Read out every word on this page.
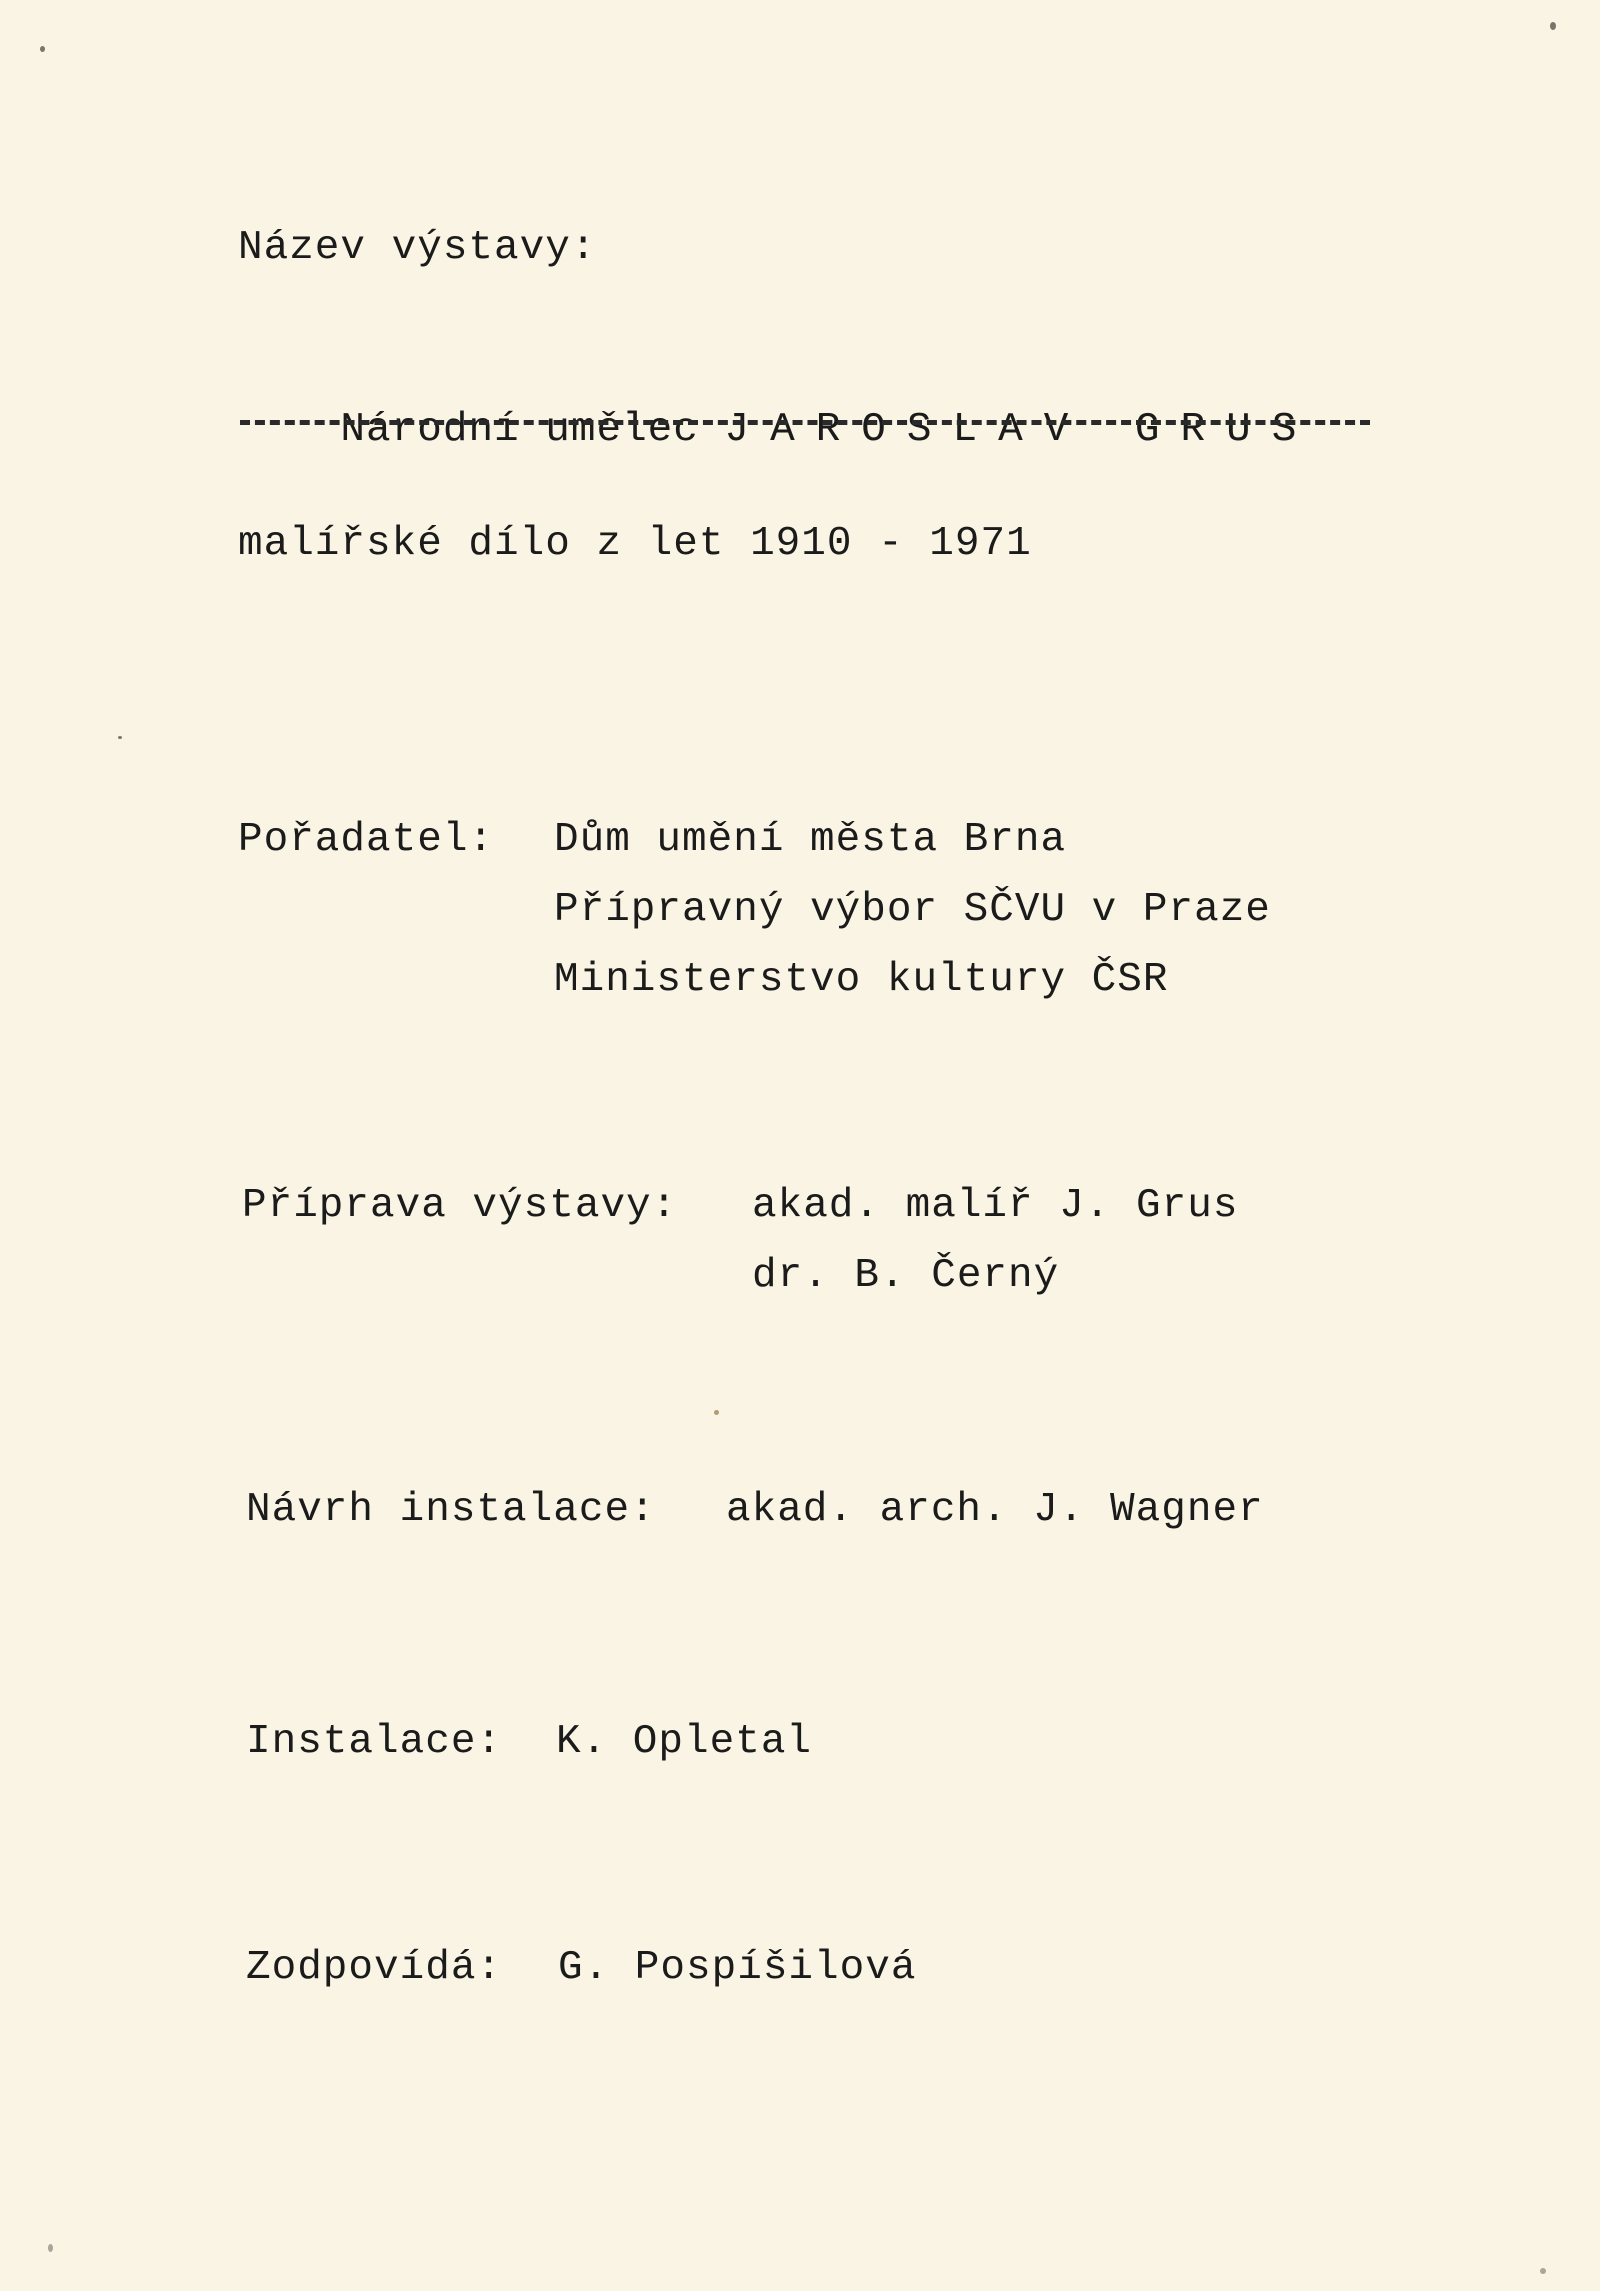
Název výstavy:

Národní umělec JAROSLAV GRUS

malířské dílo z let 1910 - 1971
Pořadatel: Dům umění města Brna
Přípravný výbor SČVU v Praze
Ministerstvo kultury ČSR
Příprava výstavy: akad. malíř J. Grus
dr. B. Černý
Návrh instalace: akad. arch. J. Wagner
Instalace: K. Opletal
Zodpovídá: G. Pospíšilová
